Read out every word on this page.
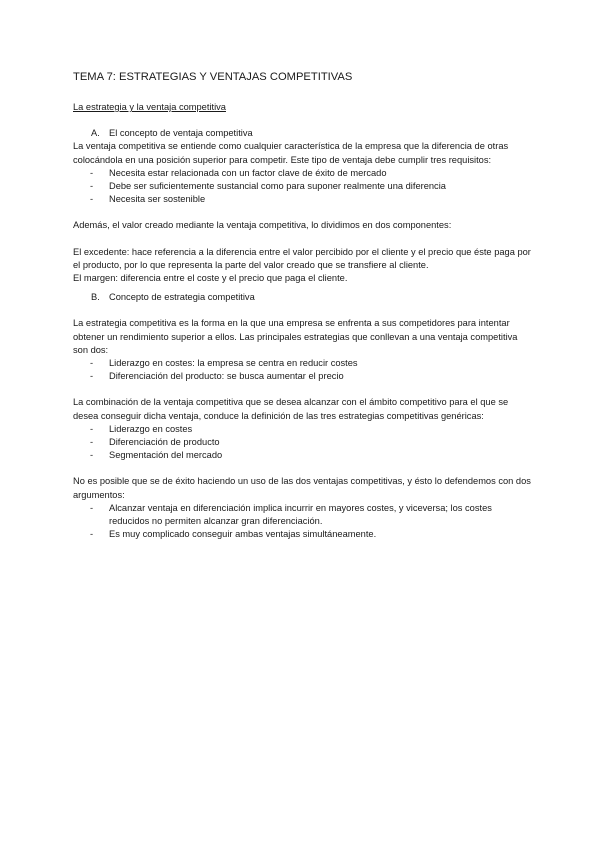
TEMA 7: ESTRATEGIAS Y VENTAJAS COMPETITIVAS

La estrategia y la ventaja competitiva

A. El concepto de ventaja competitiva

La ventaja competitiva se entiende como cualquier característica de la empresa que la diferencia de otras colocándola en una posición superior para competir. Este tipo de ventaja debe cumplir tres requisitos:

- Necesita estar relacionada con un factor clave de éxito de mercado
- Debe ser suficientemente sustancial como para suponer realmente una diferencia
- Necesita ser sostenible

Además, el valor creado mediante la ventaja competitiva, lo dividimos en dos componentes:

El excedente: hace referencia a la diferencia entre el valor percibido por el cliente y el precio que éste paga por el producto, por lo que representa la parte del valor creado que se transfiere al cliente.

El margen: diferencia entre el coste y el precio que paga el cliente.

B. Concepto de estrategia competitiva

La estrategia competitiva es la forma en la que una empresa se enfrenta a sus competidores para intentar obtener un rendimiento superior a ellos. Las principales estrategias que conllevan a una ventaja competitiva son dos:

- Liderazgo en costes: la empresa se centra en reducir costes
- Diferenciación del producto: se busca aumentar el precio

La combinación de la ventaja competitiva que se desea alcanzar con el ámbito competitivo para el que se desea conseguir dicha ventaja, conduce la definición de las tres estrategias competitivas genéricas:

- Liderazgo en costes
- Diferenciación de producto
- Segmentación del mercado

No es posible que se de éxito haciendo un uso de las dos ventajas competitivas, y ésto lo defendemos con dos argumentos:

- Alcanzar ventaja en diferenciación implica incurrir en mayores costes, y viceversa; los costes reducidos no permiten alcanzar gran diferenciación.
- Es muy complicado conseguir ambas ventajas simultáneamente.
